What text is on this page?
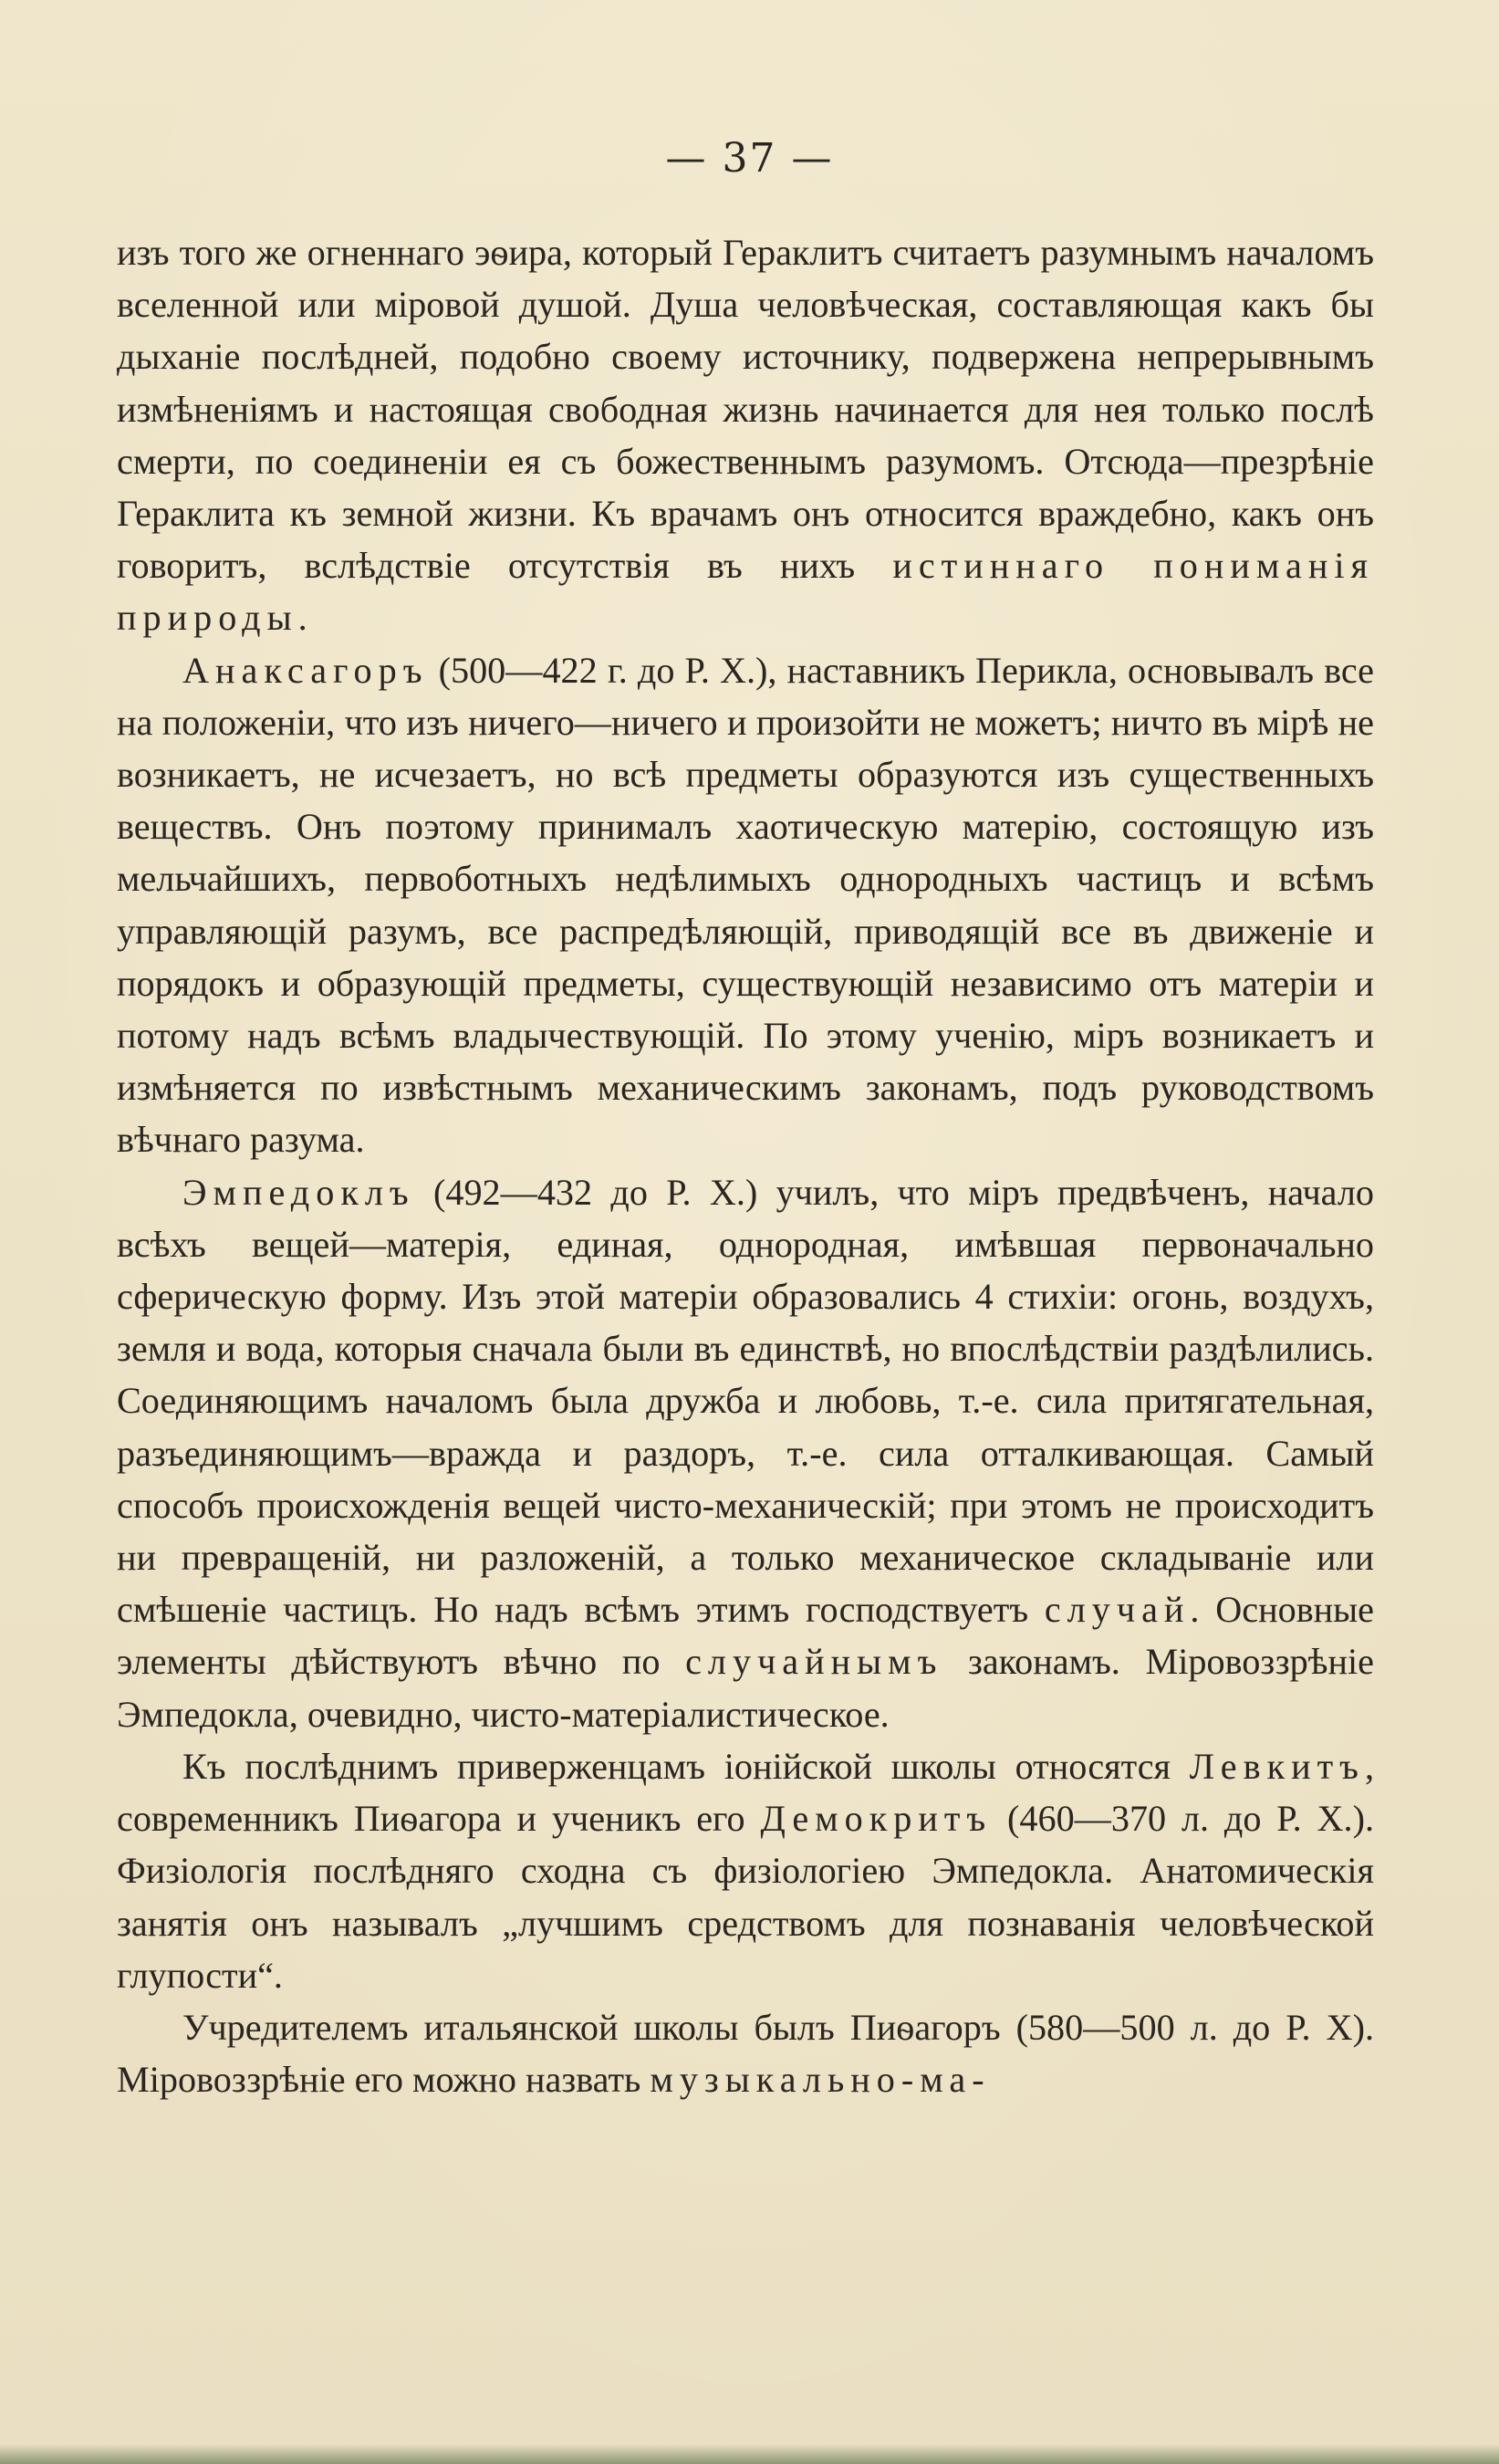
— 37 —

изъ того же огненнаго эѳира, который Гераклитъ считаетъ разумнымъ началомъ вселенной или міровой душой. Душа человѣческая, составляющая какъ бы дыханіе послѣдней, подобно своему источнику, подвержена непрерывнымъ измѣненіямъ и настоящая свободная жизнь начинается для нея только послѣ смерти, по соединеніи ея съ божественнымъ разумомъ. Отсюда—презрѣніе Гераклита къ земной жизни. Къ врачамъ онъ относится враждебно, какъ онъ говоритъ, вслѣдствіе отсутствія въ нихъ истиннаго пониманія природы.

Анаксагоръ (500—422 г. до Р. Х.), наставникъ Перикла, основывалъ все на положеніи, что изъ ничего—ничего и произойти не можетъ; ничто въ мірѣ не возникаетъ, не исчезаетъ, но всѣ предметы образуются изъ существенныхъ веществъ. Онъ поэтому принималъ хаотическую матерію, состоящую изъ мельчайшихъ, первоботныхъ недѣлимыхъ однородныхъ частицъ и всѣмъ управляющій разумъ, все распредѣляющій, приводящій все въ движеніе и порядокъ и образующій предметы, существующій независимо отъ матеріи и потому надъ всѣмъ владычествующій. По этому ученію, міръ возникаетъ и измѣняется по извѣстнымъ механическимъ законамъ, подъ руководствомъ вѣчнаго разума.

Эмпедоклъ (492—432 до Р. Х.) училъ, что міръ предвѣченъ, начало всѣхъ вещей—матерія, единая, однородная, имѣвшая первоначально сферическую форму. Изъ этой матеріи образовались 4 стихіи: огонь, воздухъ, земля и вода, которыя сначала были въ единствѣ, но впослѣдствіи раздѣлились. Соединяющимъ началомъ была дружба и любовь, т.-е. сила притягательная, разъединяющимъ—вражда и раздоръ, т.-е. сила отталкивающая. Самый способъ происхожденія вещей чисто-механическій; при этомъ не происходитъ ни превращеній, ни разложеній, а только механическое складываніе или смѣшеніе частицъ. Но надъ всѣмъ этимъ господствуетъ случай. Основные элементы дѣйствуютъ вѣчно по случайнымъ законамъ. Міровоззрѣніе Эмпедокла, очевидно, чисто-матеріалистическое.

Къ послѣднимъ приверженцамъ іонійской школы относятся Левкитъ, современникъ Пиѳагора и ученикъ его Демокритъ (460—370 л. до Р. Х.). Физіологія послѣдняго сходна съ физіологіею Эмпедокла. Анатомическія занятія онъ называлъ „лучшимъ средствомъ для познаванія человѣческой глупости“.

Учредителемъ итальянской школы былъ Пиѳагоръ (580—500 л. до Р. Х). Міровоззрѣніе его можно назвать музыкально-ма-
